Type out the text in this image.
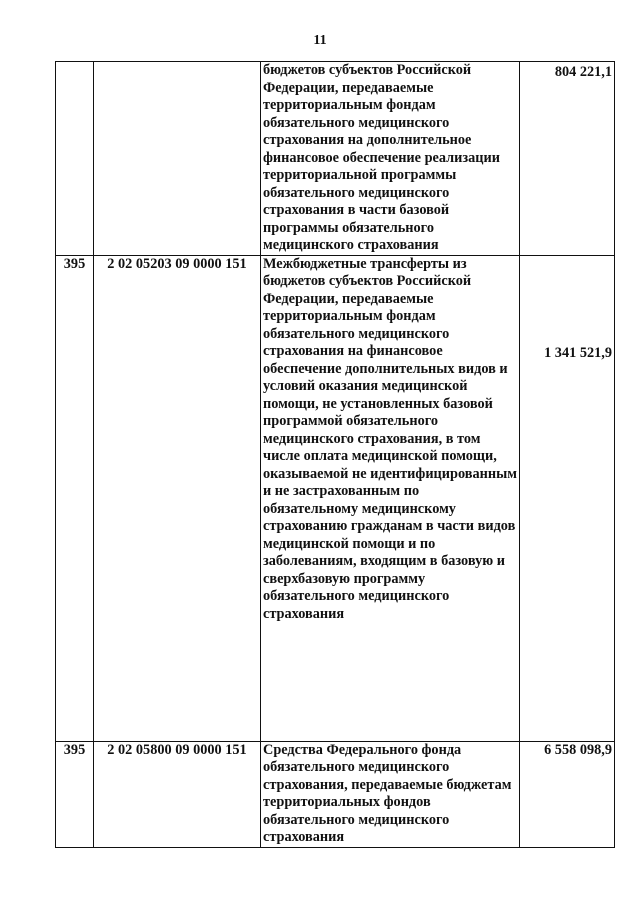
11
		бюджетов субъектов Российской Федерации, передаваемые территориальным фондам обязательного медицинского страхования на дополнительное финансовое обеспечение реализации территориальной программы обязательного медицинского страхования в части базовой программы обязательного медицинского страхования	804 221,1
395	2 02 05203 09 0000 151	Межбюджетные трансферты из бюджетов субъектов Российской Федерации, передаваемые территориальным фондам обязательного медицинского страхования на финансовое обеспечение дополнительных видов и условий оказания медицинской помощи, не установленных базовой программой обязательного медицинского страхования, в том числе оплата медицинской помощи, оказываемой не идентифицированным и не застрахованным по обязательному медицинскому страхованию гражданам в части видов медицинской помощи и по заболеваниям, входящим в базовую и сверхбазовую программу обязательного медицинского страхования	1 341 521,9
395	2 02 05800 09 0000 151	Средства Федерального фонда обязательного медицинского страхования, передаваемые бюджетам территориальных фондов обязательного медицинского страхования	6 558 098,9
